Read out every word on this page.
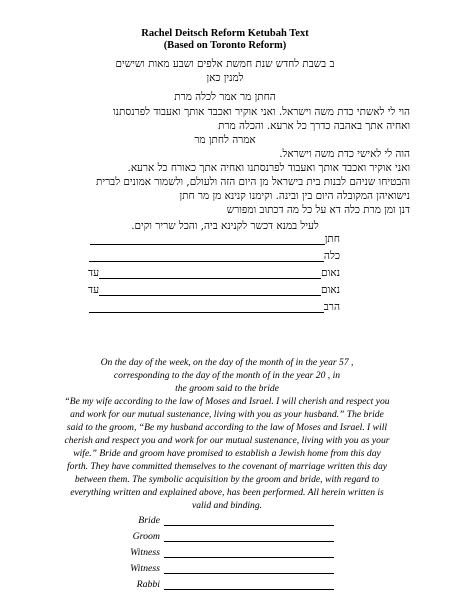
Rachel Deitsch Reform Ketubah Text
(Based on Toronto Reform)
ב בשבת לחדש שנת חמשת אלפים ושבע מאות ושישים
למנין כאן
החתן מר אמר לכלה מרת
הוי לי לאשתי כדת משה וישראל. ואני אוקיר ואכבד אותך ואעבוד לפרנסתנו
ואחיה אתך באהבה כדרך כל ארעא. והכלה מרת
אמרה לחתן מר
הוה לי לאישי כדת משה וישראל.
ואני אוקיר ואכבד אותך ואעבוד לפרנסתנו ואחיה אתך כאורח כל ארעא.
והבטיחו שניהם לבנות בית בישראל מן היום הזה ולעולם, ולשמור אמונים לברית
נישואיהן המקובלה היום בין ובינה. וקימנו קנינא מן מר חתן
דנן ומן מרת כלה דא על כל מה דכתוב ומפורש
לעיל במנא דכשר לקנינא ביה, והכל שריר וקים.
חתן
כלה
נאום
עד
נאום
עד
הרב
On the day of the week, on the day of the month of in the year 57 ,
corresponding to the day of the month of in the year 20 , in
the groom said to the bride
“Be my wife according to the law of Moses and Israel. I will cherish and respect you
and work for our mutual sustenance, living with you as your husband.” The bride
said to the groom, “Be my husband according to the law of Moses and Israel. I will
cherish and respect you and work for our mutual sustenance, living with you as your
wife.” Bride and groom have promised to establish a Jewish home from this day
forth. They have committed themselves to the covenant of marriage written this day
between them. The symbolic acquisition by the groom and bride, with regard to
everything written and explained above, has been performed. All herein written is
valid and binding.
Bride
Groom
Witness
Witness
Rabbi
